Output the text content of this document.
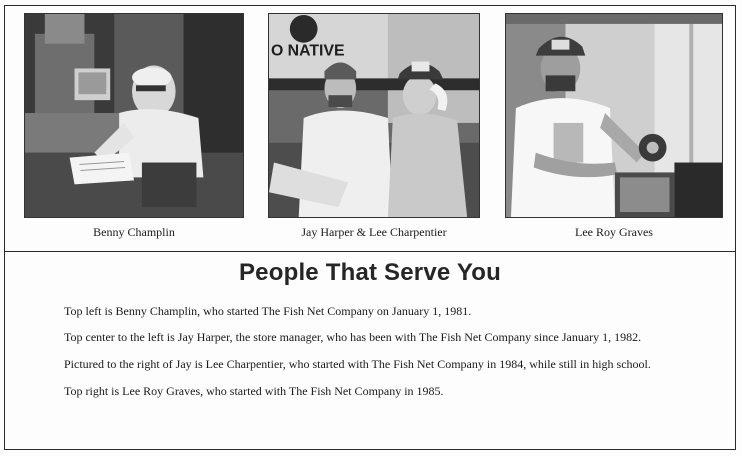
O NATIVE
Benny Champlin	Jay Harper & Lee Charpentier	Lee Roy Graves
People That Serve You
Top left is Benny Champlin, who started The Fish Net Company on January 1, 1981.
Top center to the left is Jay Harper, the store manager, who has been with The Fish Net Company since January 1, 1982.
Pictured to the right of Jay is Lee Charpentier, who started with The Fish Net Company in 1984, while still in high school.
Top right is Lee Roy Graves, who started with The Fish Net Company in 1985.
